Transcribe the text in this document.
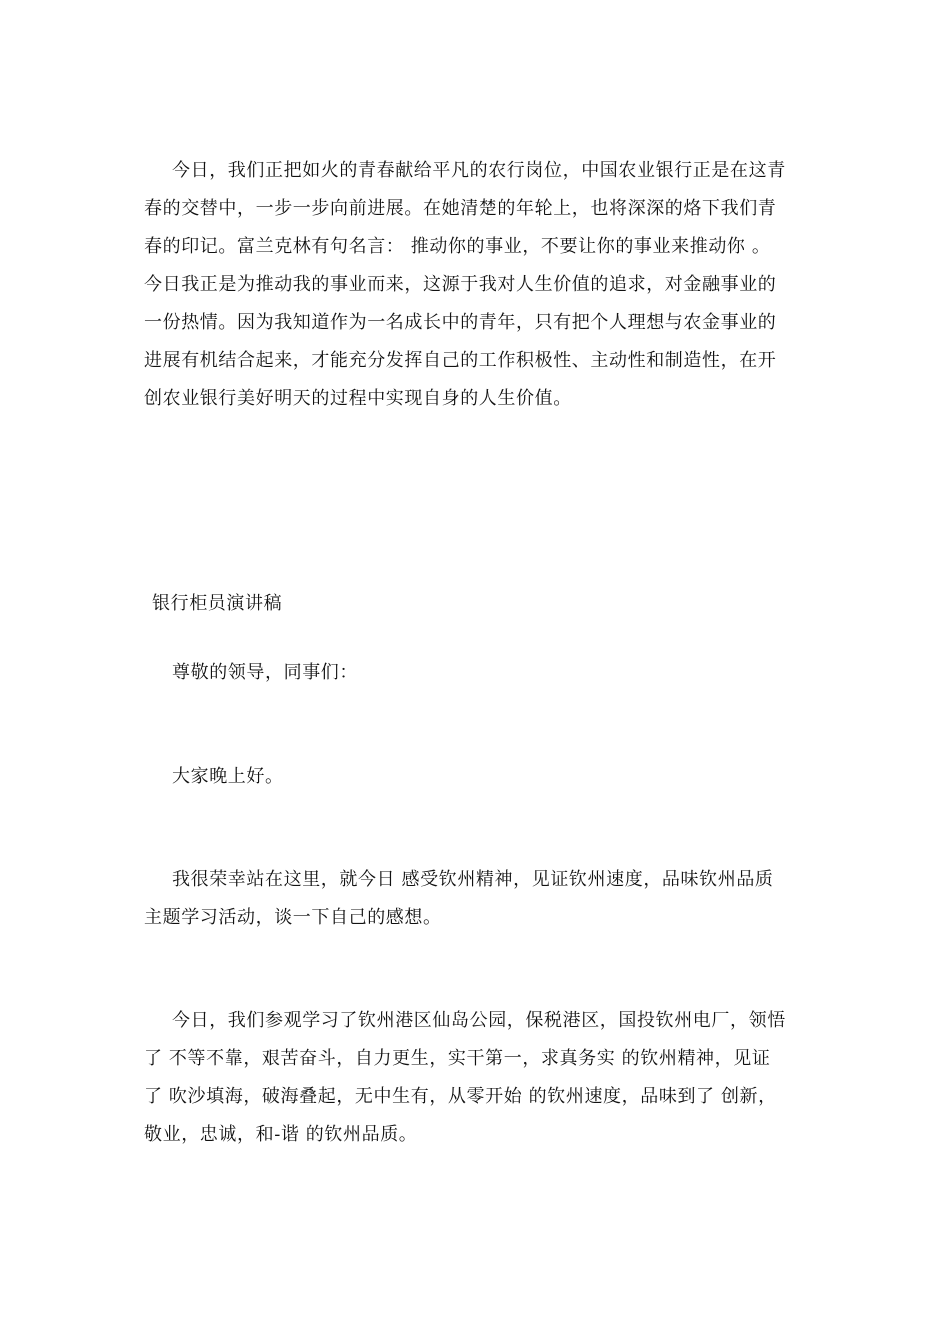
今日，我们正把如火的青春献给平凡的农行岗位，中国农业银行正是在这青
春的交替中，一步一步向前进展。在她清楚的年轮上，也将深深的烙下我们青
春的印记。富兰克林有句名言： 推动你的事业，不要让你的事业来推动你 。
今日我正是为推动我的事业而来，这源于我对人生价值的追求，对金融事业的
一份热情。因为我知道作为一名成长中的青年，只有把个人理想与农金事业的
进展有机结合起来，才能充分发挥自己的工作积极性、主动性和制造性，在开
创农业银行美好明天的过程中实现自身的人生价值。
银行柜员演讲稿
尊敬的领导，同事们：
大家晚上好。
我很荣幸站在这里，就今日 感受钦州精神，见证钦州速度，品味钦州品质
主题学习活动，谈一下自己的感想。
今日，我们参观学习了钦州港区仙岛公园，保税港区，国投钦州电厂，领悟
了 不等不靠，艰苦奋斗，自力更生，实干第一，求真务实 的钦州精神，见证
了 吹沙填海，破海叠起，无中生有，从零开始 的钦州速度，品味到了 创新，
敬业，忠诚，和-谐 的钦州品质。
